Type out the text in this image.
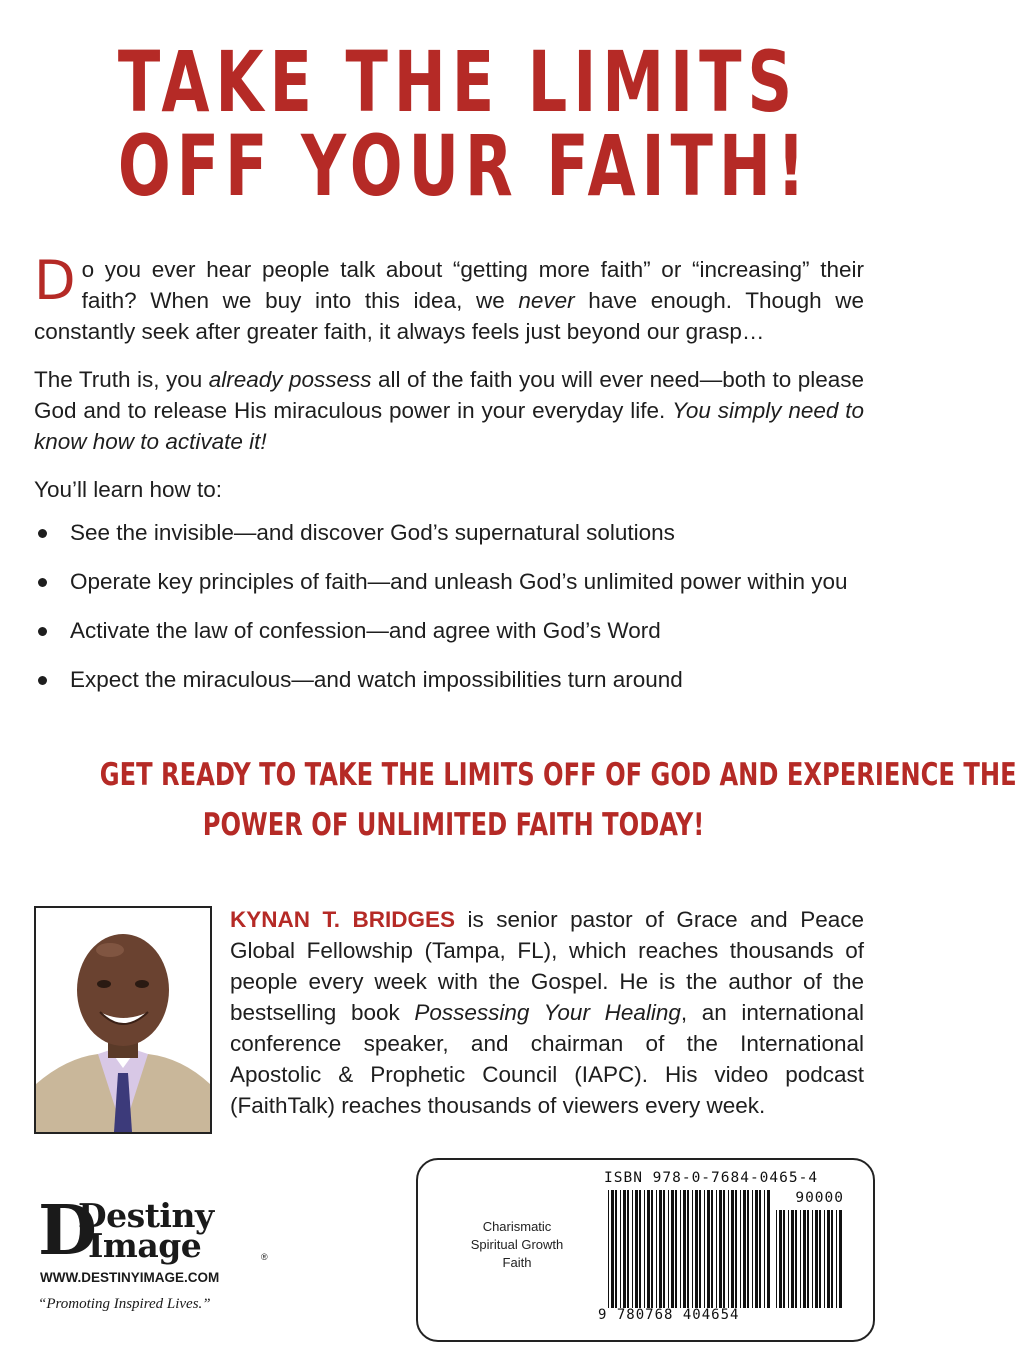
TAKE THE LIMITS
OFF YOUR FAITH!

Do you ever hear people talk about “getting more faith” or “increasing” their faith? When we buy into this idea, we never have enough. Though we constantly seek after greater faith, it always feels just beyond our grasp…

The Truth is, you already possess all of the faith you will ever need—both to please God and to release His miraculous power in your everyday life. You simply need to know how to activate it!

You’ll learn how to:

See the invisible—and discover God’s supernatural solutions
Operate key principles of faith—and unleash God’s unlimited power within you
Activate the law of confession—and agree with God’s Word
Expect the miraculous—and watch impossibilities turn around
GET READY TO TAKE THE LIMITS OFF OF GOD AND EXPERIENCE THE
POWER OF UNLIMITED FAITH TODAY!

KYNAN T. BRIDGES is senior pastor of Grace and Peace Global Fellowship (Tampa, FL), which reaches thousands of people every week with the Gospel. He is the author of the bestselling book Possessing Your Healing, an international conference speaker, and chairman of the International Apostolic & Prophetic Council (IAPC). His video podcast (FaithTalk) reaches thousands of viewers every week.

D
Destiny
Image	®
WWW.DESTINYIMAGE.COM
“Promoting Inspired Lives.”
Charismatic
Spiritual Growth
Faith
ISBN 978-0-7684-0465-4
90000
9 780768 404654
